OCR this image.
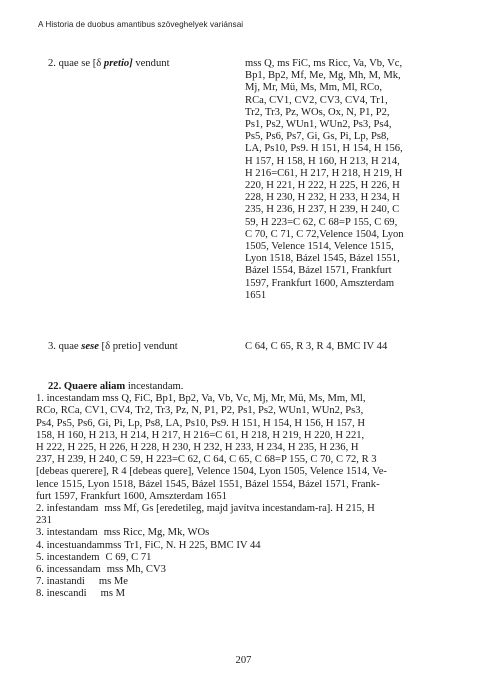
A Historia de duobus amantibus szöveghelyek variánsai
2. quae se [δ pretio] vendunt	mss Q, ms FiC, ms Ricc, Va, Vb, Vc,
Bp1, Bp2, Mf, Me, Mg, Mh, M, Mk,
Mj, Mr, Mü, Ms, Mm, Ml, RCo,
RCa, CV1, CV2, CV3, CV4, Tr1,
Tr2, Tr3, Pz, WOs, Ox, N, P1, P2,
Ps1, Ps2, WUn1, WUn2, Ps3, Ps4,
Ps5, Ps6, Ps7, Gi, Gs, Pi, Lp, Ps8,
LA, Ps10, Ps9. H 151, H 154, H 156,
H 157, H 158, H 160, H 213, H 214,
H 216=C61, H 217, H 218, H 219, H
220, H 221, H 222, H 225, H 226, H
228, H 230, H 232, H 233, H 234, H
235, H 236, H 237, H 239, H 240, C
59, H 223=C 62, C 68=P 155, C 69,
C 70, C 71, C 72,Velence 1504, Lyon
1505, Velence 1514, Velence 1515,
Lyon 1518, Bázel 1545, Bázel 1551,
Bázel 1554, Bázel 1571, Frankfurt
1597, Frankfurt 1600, Amszterdam
1651
3. quae sese [δ pretio] vendunt	C 64, C 65, R 3, R 4, BMC IV 44
22. Quaere aliam incestandam.
1. incestandam mss Q, FiC, Bp1, Bp2, Va, Vb, Vc, Mj, Mr, Mü, Ms, Mm, Ml,
RCo, RCa, CV1, CV4, Tr2, Tr3, Pz, N, P1, P2, Ps1, Ps2, WUn1, WUn2, Ps3,
Ps4, Ps5, Ps6, Gi, Pi, Lp, Ps8, LA, Ps10, Ps9. H 151, H 154, H 156, H 157, H
158, H 160, H 213, H 214, H 217, H 216=C 61, H 218, H 219, H 220, H 221,
H 222, H 225, H 226, H 228, H 230, H 232, H 233, H 234, H 235, H 236, H
237, H 239, H 240, C 59, H 223=C 62, C 64, C 65, C 68=P 155, C 70, C 72, R 3
[debeas quererе], R 4 [debeas quere], Velence 1504, Lyon 1505, Velence 1514, Ve-
lence 1515, Lyon 1518, Bázel 1545, Bázel 1551, Bázel 1554, Bázel 1571, Frank-
furt 1597, Frankfurt 1600, Amszterdam 1651
2. infestandam mss Mf, Gs [eredetileg, majd javítva incestandam-ra]. H 215, H
231
3. intestandam mss Ricc, Mg, Mk, WOs
4. incestuandammss Tr1, FiC, N. H 225, BMC IV 44
5. incestandem C 69, C 71
6. incessandam mss Mh, CV3
7. inastandi ms Me
8. inescandi ms M
207
